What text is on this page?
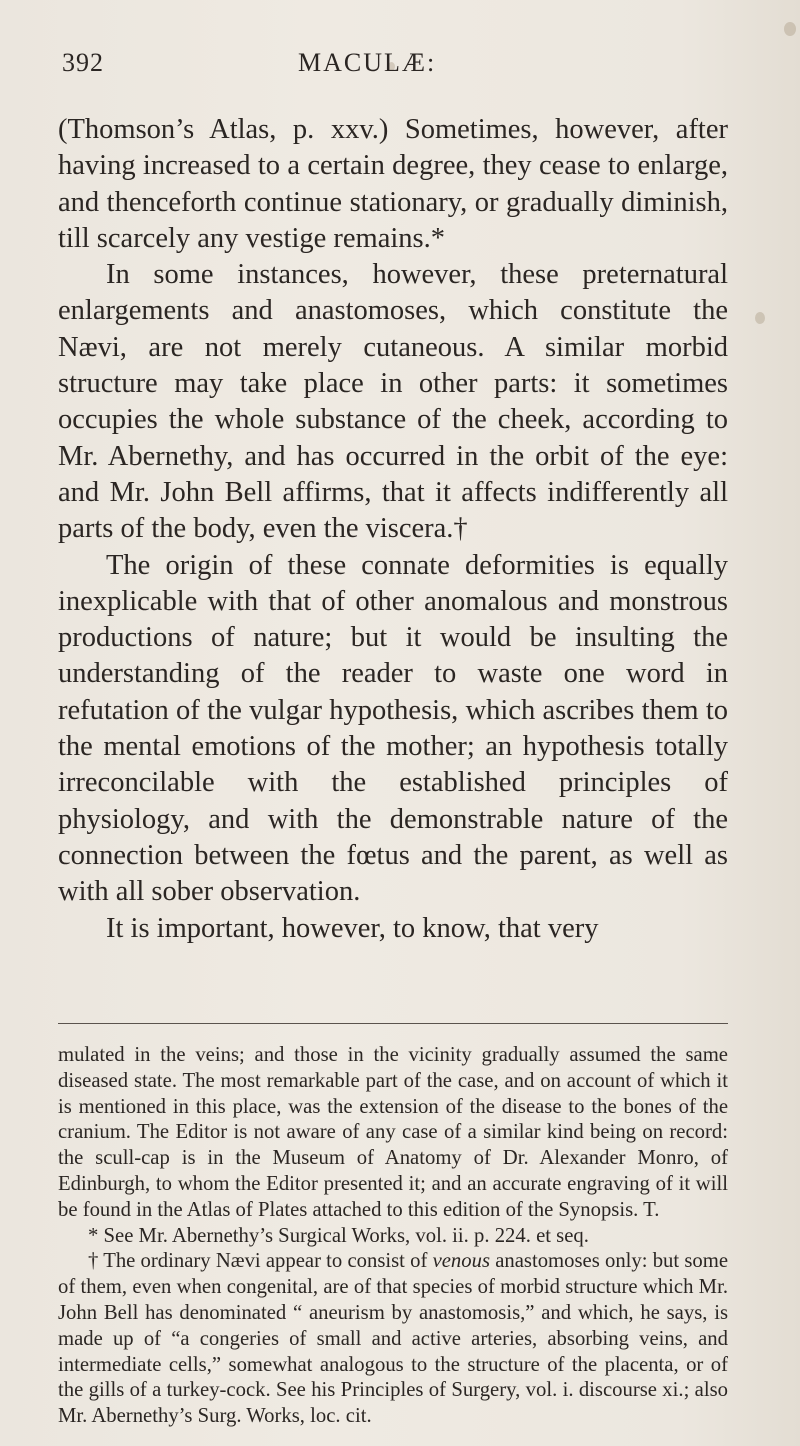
392	MACULÆ:

(Thomson’s Atlas, p. xxv.) Sometimes, however, after having increased to a certain degree, they cease to enlarge, and thenceforth continue stationary, or gradually diminish, till scarcely any vestige remains.*

In some instances, however, these preternatural enlargements and anastomoses, which constitute the Nævi, are not merely cutaneous. A similar morbid structure may take place in other parts: it sometimes occupies the whole substance of the cheek, according to Mr. Abernethy, and has occurred in the orbit of the eye: and Mr. John Bell affirms, that it affects indifferently all parts of the body, even the viscera.†

The origin of these connate deformities is equally inexplicable with that of other anomalous and monstrous productions of nature; but it would be insulting the understanding of the reader to waste one word in refutation of the vulgar hypothesis, which ascribes them to the mental emotions of the mother; an hypothesis totally irreconcilable with the established principles of physiology, and with the demonstrable nature of the connection between the fœtus and the parent, as well as with all sober observation.

It is important, however, to know, that very

mulated in the veins; and those in the vicinity gradually assumed the same diseased state. The most remarkable part of the case, and on account of which it is mentioned in this place, was the extension of the disease to the bones of the cranium. The Editor is not aware of any case of a similar kind being on record: the scull-cap is in the Museum of Anatomy of Dr. Alexander Monro, of Edinburgh, to whom the Editor presented it; and an accurate engraving of it will be found in the Atlas of Plates attached to this edition of the Synopsis. T.

* See Mr. Abernethy’s Surgical Works, vol. ii. p. 224. et seq.

† The ordinary Nævi appear to consist of venous anastomoses only: but some of them, even when congenital, are of that species of morbid structure which Mr. John Bell has denominated “ aneurism by anastomosis,” and which, he says, is made up of “a congeries of small and active arteries, absorbing veins, and intermediate cells,” somewhat analogous to the structure of the placenta, or of the gills of a turkey-cock. See his Principles of Surgery, vol. i. discourse xi.; also Mr. Abernethy’s Surg. Works, loc. cit.
